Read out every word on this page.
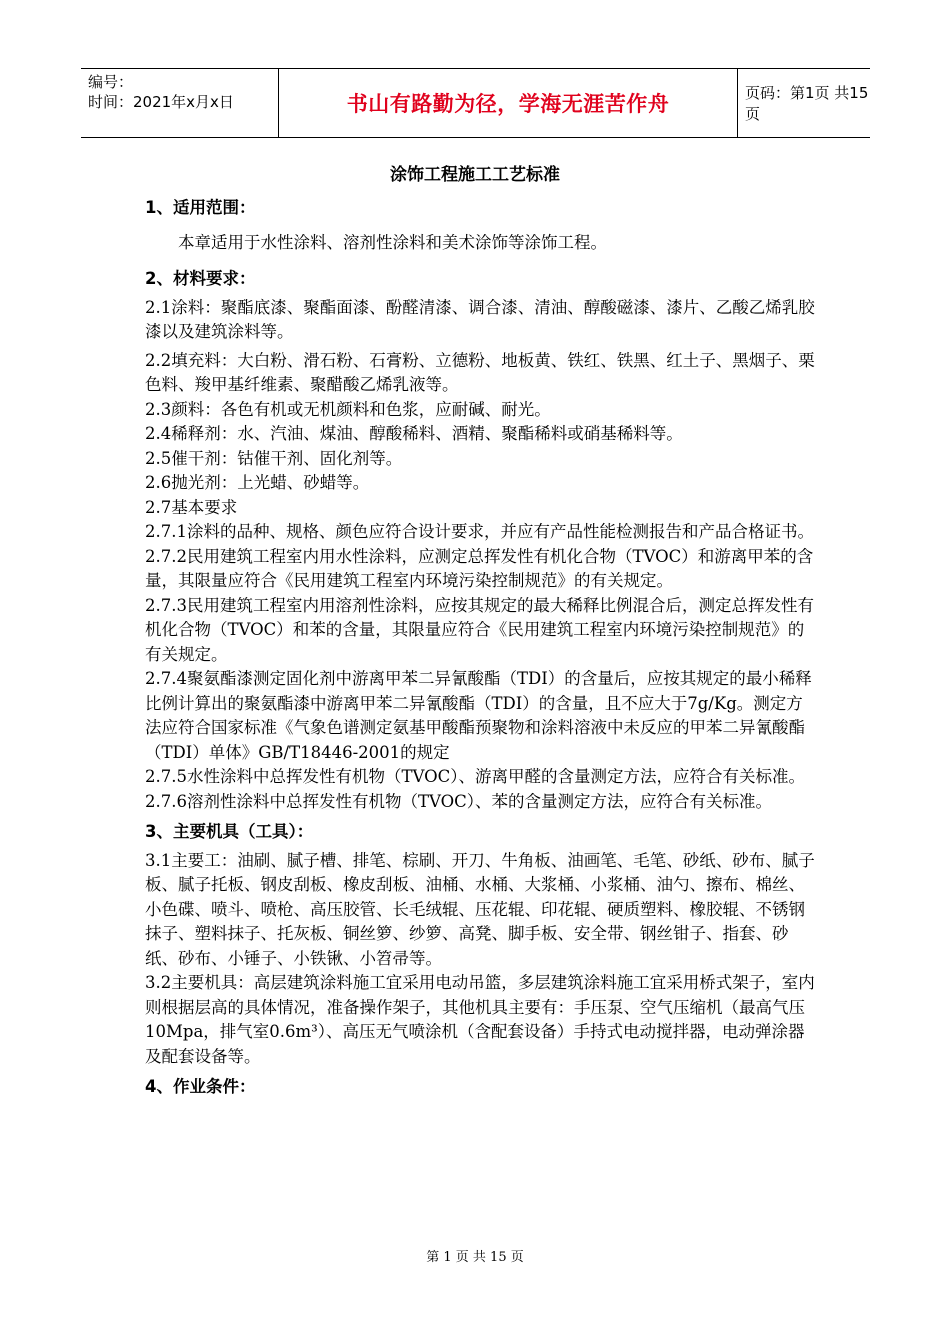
编号：
时间：2021年x月x日	书山有路勤为径，学海无涯苦作舟	页码：第1页 共15页
涂饰工程施工工艺标准

1、适用范围：

本章适用于水性涂料、溶剂性涂料和美术涂饰等涂饰工程。

2、材料要求：

2.1涂料：聚酯底漆、聚酯面漆、酚醛清漆、调合漆、清油、醇酸磁漆、漆片、乙酸乙烯乳胶漆以及建筑涂料等。

2.2填充料：大白粉、滑石粉、石膏粉、立德粉、地板黄、铁红、铁黑、红土子、黑烟子、栗色料、羧甲基纤维素、聚醋酸乙烯乳液等。

2.3颜料：各色有机或无机颜料和色浆，应耐碱、耐光。

2.4稀释剂：水、汽油、煤油、醇酸稀料、酒精、聚酯稀料或硝基稀料等。

2.5催干剂：钴催干剂、固化剂等。

2.6抛光剂：上光蜡、砂蜡等。

2.7基本要求

2.7.1涂料的品种、规格、颜色应符合设计要求，并应有产品性能检测报告和产品合格证书。

2.7.2民用建筑工程室内用水性涂料，应测定总挥发性有机化合物（TVOC）和游离甲苯的含量，其限量应符合《民用建筑工程室内环境污染控制规范》的有关规定。

2.7.3民用建筑工程室内用溶剂性涂料，应按其规定的最大稀释比例混合后，测定总挥发性有机化合物（TVOC）和苯的含量，其限量应符合《民用建筑工程室内环境污染控制规范》的有关规定。

2.7.4聚氨酯漆测定固化剂中游离甲苯二异氰酸酯（TDI）的含量后，应按其规定的最小稀释比例计算出的聚氨酯漆中游离甲苯二异氰酸酯（TDI）的含量，且不应大于7g/Kg。测定方法应符合国家标准《气象色谱测定氨基甲酸酯预聚物和涂料溶液中未反应的甲苯二异氰酸酯（TDI）单体》GB/T18446-2001的规定

2.7.5水性涂料中总挥发性有机物（TVOC）、游离甲醛的含量测定方法，应符合有关标准。

2.7.6溶剂性涂料中总挥发性有机物（TVOC）、苯的含量测定方法，应符合有关标准。

3、主要机具（工具）：

3.1主要工：油刷、腻子槽、排笔、棕刷、开刀、牛角板、油画笔、毛笔、砂纸、砂布、腻子板、腻子托板、钢皮刮板、橡皮刮板、油桶、水桶、大浆桶、小浆桶、油勺、擦布、棉丝、小色碟、喷斗、喷枪、高压胶管、长毛绒辊、压花辊、印花辊、硬质塑料、橡胶辊、不锈钢抹子、塑料抹子、托灰板、铜丝箩、纱箩、高凳、脚手板、安全带、钢丝钳子、指套、砂纸、砂布、小锤子、小铁锹、小笤帚等。

3.2主要机具：高层建筑涂料施工宜采用电动吊篮，多层建筑涂料施工宜采用桥式架子，室内则根据层高的具体情况，准备操作架子，其他机具主要有：手压泵、空气压缩机（最高气压10Mpa，排气室0.6m³）、高压无气喷涂机（含配套设备）手持式电动搅拌器，电动弹涂器及配套设备等。

4、作业条件：

第 1 页 共 15 页
